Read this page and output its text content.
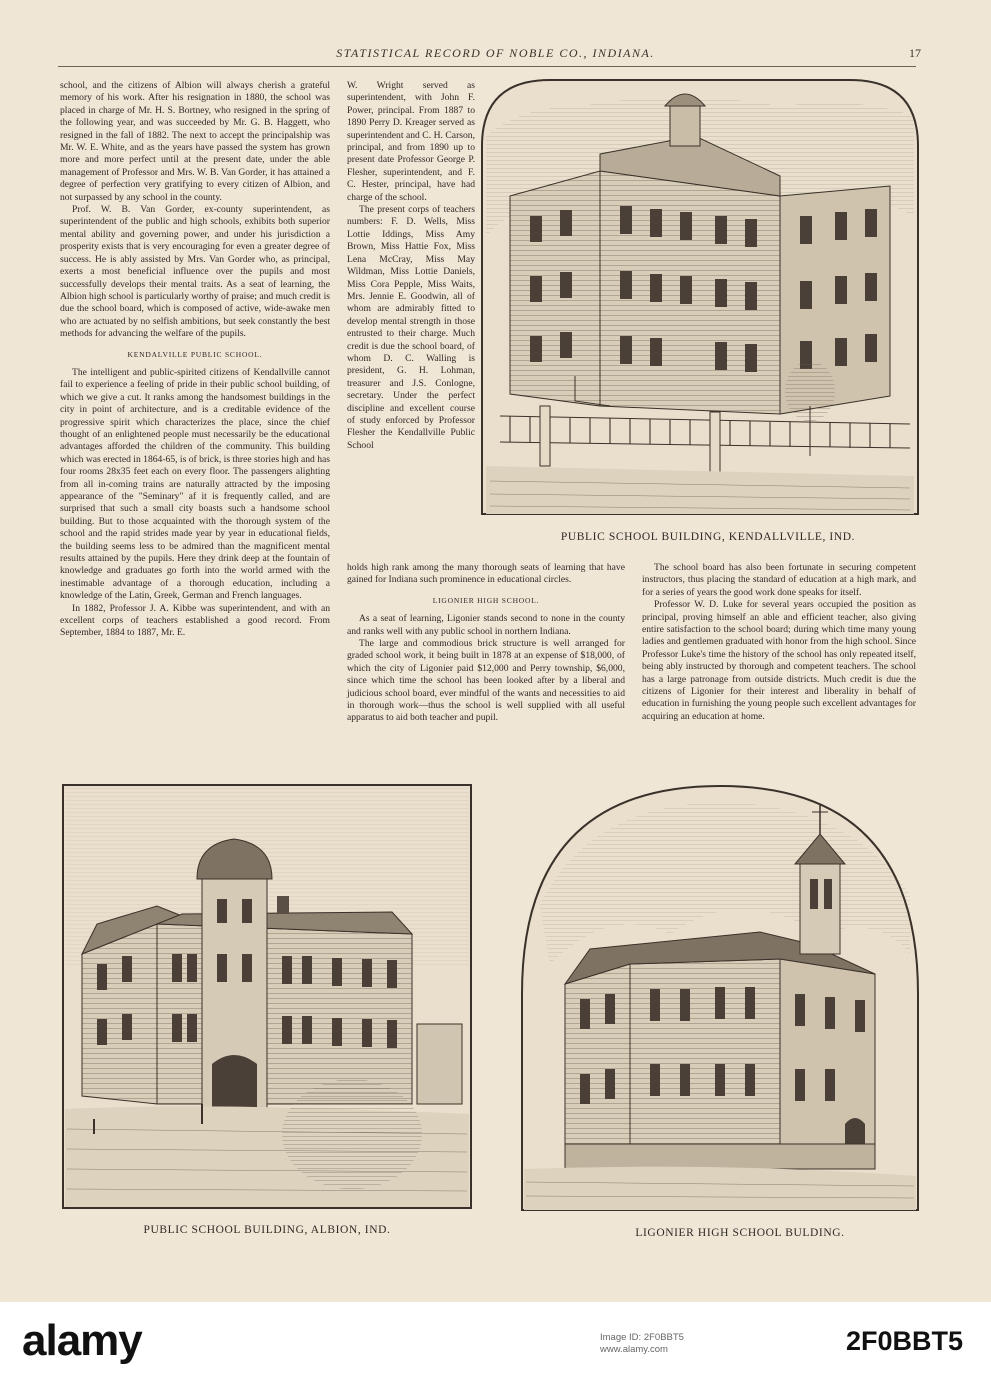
STATISTICAL RECORD OF NOBLE CO., INDIANA.	17

school, and the citizens of Albion will always cherish a grateful memory of his work. After his resignation in 1880, the school was placed in charge of Mr. H. S. Bortney, who resigned in the spring of the following year, and was succeeded by Mr. G. B. Haggett, who resigned in the fall of 1882. The next to accept the principalship was Mr. W. E. White, and as the years have passed the system has grown more and more perfect until at the present date, under the able management of Professor and Mrs. W. B. Van Gorder, it has attained a degree of perfection very gratifying to every citizen of Albion, and not surpassed by any school in the county.

Prof. W. B. Van Gorder, ex-county superintendent, as superintendent of the public and high schools, exhibits both superior mental ability and governing power, and under his jurisdiction a prosperity exists that is very encouraging for even a greater degree of success. He is ably assisted by Mrs. Van Gorder who, as principal, exerts a most beneficial influence over the pupils and most successfully develops their mental traits. As a seat of learning, the Albion high school is particularly worthy of praise; and much credit is due the school board, which is composed of active, wide-awake men who are actuated by no selfish ambitions, but seek constantly the best methods for advancing the welfare of the pupils.

KENDALVILLE PUBLIC SCHOOL.

The intelligent and public-spirited citizens of Kendallville cannot fail to experience a feeling of pride in their public school building, of which we give a cut. It ranks among the handsomest buildings in the city in point of architecture, and is a creditable evidence of the progressive spirit which characterizes the place, since the chief thought of an enlightened people must necessarily be the educational advantages afforded the children of the community. This building which was erected in 1864-65, is of brick, is three stories high and has four rooms 28x35 feet each on every floor. The passengers alighting from all in-coming trains are naturally attracted by the imposing appearance of the "Seminary" af it is frequently called, and are surprised that such a small city boasts such a handsome school building. But to those acquainted with the thorough system of the school and the rapid strides made year by year in educational fields, the building seems less to be admired than the magnificent mental results attained by the pupils. Here they drink deep at the fountain of knowledge and graduates go forth into the world armed with the inestimable advantage of a thorough education, including a knowledge of the Latin, Greek, German and French languages.

In 1882, Professor J. A. Kibbe was superintendent, and with an excellent corps of teachers established a good record. From September, 1884 to 1887, Mr. E.

W. Wright served as superintendent, with John F. Power, principal. From 1887 to 1890 Perry D. Kreager served as superintendent and C. H. Carson, principal, and from 1890 up to present date Professor George P. Flesher, superintendent, and F. C. Hester, principal, have had charge of the school.

The present corps of teachers numbers: F. D. Wells, Miss Lottie Iddings, Miss Amy Brown, Miss Hattie Fox, Miss Lena McCray, Miss May Wildman, Miss Lottie Daniels, Miss Cora Pepple, Miss Waits, Mrs. Jennie E. Goodwin, all of whom are admirably fitted to develop mental strength in those entrusted to their charge. Much credit is due the school board, of whom D. C. Walling is president, G. H. Lohman, treasurer and J.S. Conlogne, secretary. Under the perfect discipline and excellent course of study enforced by Professor Flesher the Kendallville Public School

holds high rank among the many thorough seats of learning that have gained for Indiana such prominence in educational circles.

LIGONIER HIGH SCHOOL.

As a seat of learning, Ligonier stands second to none in the county and ranks well with any public school in northern Indiana.

The large and commodious brick structure is well arranged for graded school work, it being built in 1878 at an expense of $18,000, of which the city of Ligonier paid $12,000 and Perry township, $6,000, since which time the school has been looked after by a liberal and judicious school board, ever mindful of the wants and necessities to aid in thorough work—thus the school is well supplied with all useful apparatus to aid both teacher and pupil.

The school board has also been fortunate in securing competent instructors, thus placing the standard of education at a high mark, and for a series of years the good work done speaks for itself.

Professor W. D. Luke for several years occupied the position as principal, proving himself an able and efficient teacher, also giving entire satisfaction to the school board; during which time many young ladies and gentlemen graduated with honor from the high school. Since Professor Luke's time the history of the school has only repeated itself, being ably instructed by thorough and competent teachers. The school has a large patronage from outside districts. Much credit is due the citizens of Ligonier for their interest and liberality in behalf of education in furnishing the young people such excellent advantages for acquiring an education at home.

PUBLIC SCHOOL BUILDING, KENDALLVILLE, IND.
PUBLIC SCHOOL BUILDING, ALBION, IND.	LIGONIER HIGH SCHOOL BULDING.
alamy	Image ID: 2F0BBT5
www.alamy.com	2F0BBT5
